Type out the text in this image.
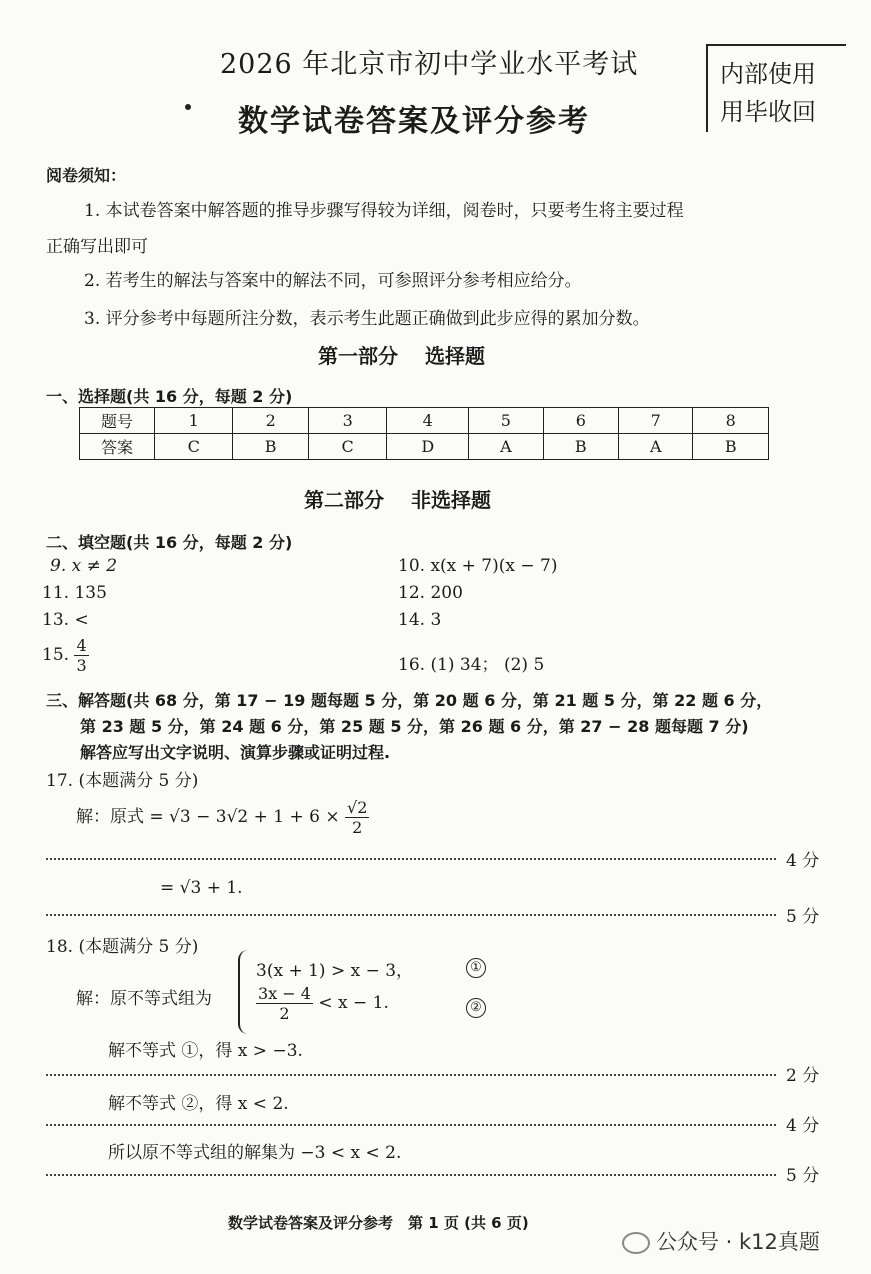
2026 年北京市初中学业水平考试
数学试卷答案及评分参考
内部使用
用毕收回
阅卷须知：
1. 本试卷答案中解答题的推导步骤写得较为详细，阅卷时，只要考生将主要过程
正确写出即可
2. 若考生的解法与答案中的解法不同，可参照评分参考相应给分。
3. 评分参考中每题所注分数，表示考生此题正确做到此步应得的累加分数。
第一部分　 选择题
一、选择题(共 16 分，每题 2 分)
题号	1	2	3	4	5	6	7	8
答案	C	B	C	D	A	B	A	B
第二部分　 非选择题
二、填空题(共 16 分，每题 2 分)
9. x ≠ 2	10. x(x + 7)(x − 7)
11. 135	12. 200
13. <	14. 3
15. $\frac{4}{3}$	16. (1) 34； (2) 5
三、解答题(共 68 分，第 17 − 19 题每题 5 分，第 20 题 6 分，第 21 题 5 分，第 22 题 6 分，
第 23 题 5 分，第 24 题 6 分，第 25 题 5 分，第 26 题 6 分，第 27 − 28 题每题 7 分)
解答应写出文字说明、演算步骤或证明过程.
17. (本题满分 5 分)
解：原式 = $√3 - 3√2 + 1 + 6 \times \frac{√2}{2}$
4 分
= √3 + 1.
5 分
18. (本题满分 5 分)
解：原不等式组为
3(x + 1) > x − 3，	①
$\frac{3x - 4}{2} < x - 1$.	②
解不等式 ①，得 x > −3.
2 分
解不等式 ②，得 x < 2.
4 分
所以原不等式组的解集为 −3 < x < 2.
5 分
数学试卷答案及评分参考　第 1 页 (共 6 页)
公众号 · k12真题
